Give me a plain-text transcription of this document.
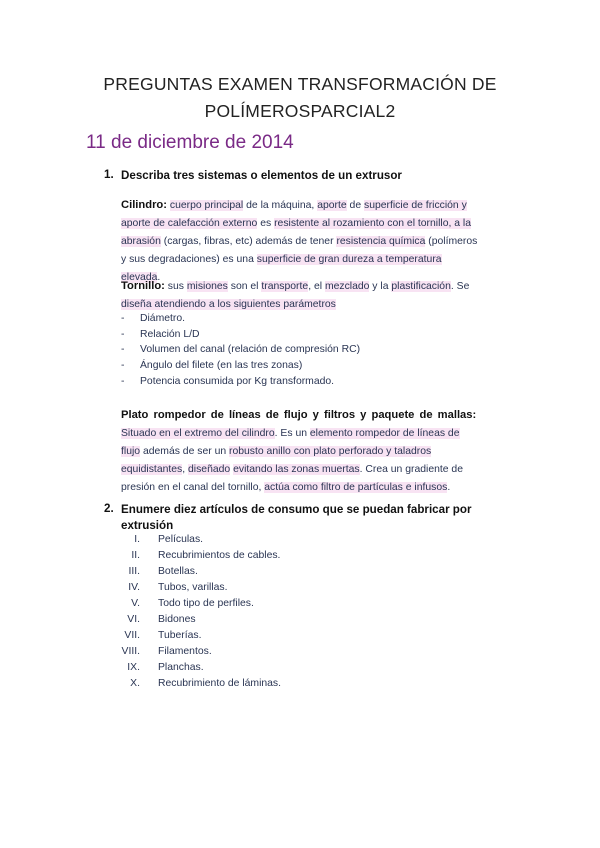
PREGUNTAS EXAMEN TRANSFORMACIÓN DE
POLÍMEROSPARCIAL2
11 de diciembre de 2014
1. Describa tres sistemas o elementos de un extrusor
Cilindro: cuerpo principal de la máquina, aporte de superficie de fricción y aporte de calefacción externo es resistente al rozamiento con el tornillo, a la abrasión (cargas, fibras, etc) además de tener resistencia química (polímeros y sus degradaciones) es una superficie de gran dureza a temperatura elevada.
Tornillo: sus misiones son el transporte, el mezclado y la plastificación. Se diseña atendiendo a los siguientes parámetros
- Diámetro.
- Relación L/D
- Volumen del canal (relación de compresión RC)
- Ángulo del filete (en las tres zonas)
- Potencia consumida por Kg transformado.
Plato rompedor de líneas de flujo y filtros y paquete de mallas:
Situado en el extremo del cilindro. Es un elemento rompedor de líneas de flujo además de ser un robusto anillo con plato perforado y taladros equidistantes, diseñado evitando las zonas muertas. Crea un gradiente de presión en el canal del tornillo, actúa como filtro de partículas e infusos.
2. Enumere diez artículos de consumo que se puedan fabricar por extrusión
I. Películas.
II. Recubrimientos de cables.
III. Botellas.
IV. Tubos, varillas.
V. Todo tipo de perfiles.
VI. Bidones
VII. Tuberías.
VIII. Filamentos.
IX. Planchas.
X. Recubrimiento de láminas.
